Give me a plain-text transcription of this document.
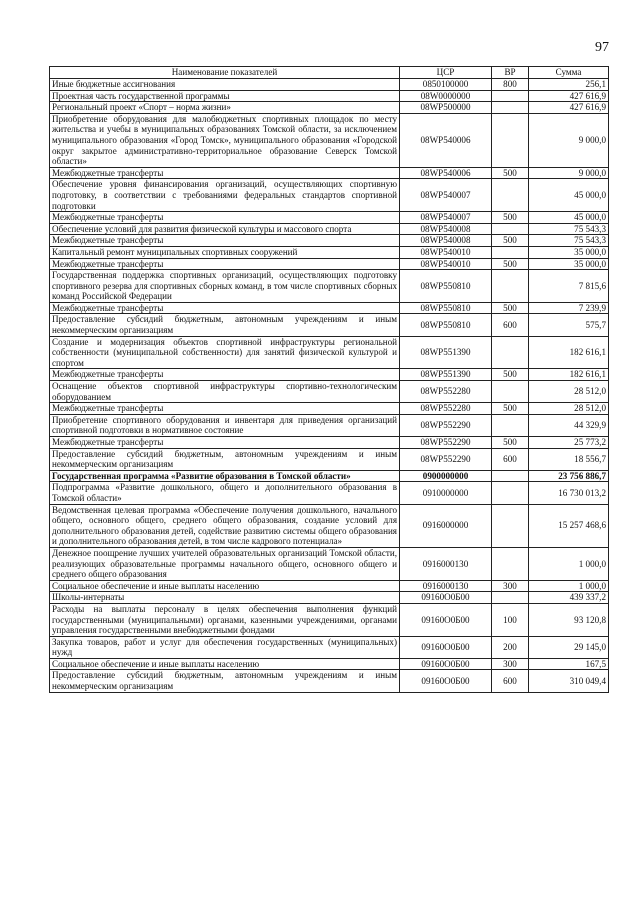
97
Наименование показателей	ЦСР	ВР	Сумма
Иные бюджетные ассигнования	0850100000	800	256,1
Проектная часть государственной программы	08W0000000		427 616,9
Региональный проект «Спорт – норма жизни»	08WP500000		427 616,9
Приобретение оборудования для малобюджетных спортивных площадок по месту жительства и учебы в муниципальных образованиях Томской области, за исключением муниципального образования «Город Томск», муниципального образования «Городской округ закрытое административно-территориальное образование Северск Томской области»	08WP540006		9 000,0
Межбюджетные трансферты	08WP540006	500	9 000,0
Обеспечение уровня финансирования организаций, осуществляющих спортивную подготовку, в соответствии с требованиями федеральных стандартов спортивной подготовки	08WP540007		45 000,0
Межбюджетные трансферты	08WP540007	500	45 000,0
Обеспечение условий для развития физической культуры и массового спорта	08WP540008		75 543,3
Межбюджетные трансферты	08WP540008	500	75 543,3
Капитальный ремонт муниципальных спортивных сооружений	08WP540010		35 000,0
Межбюджетные трансферты	08WP540010	500	35 000,0
Государственная поддержка спортивных организаций, осуществляющих подготовку спортивного резерва для спортивных сборных команд, в том числе спортивных сборных команд Российской Федерации	08WP550810		7 815,6
Межбюджетные трансферты	08WP550810	500	7 239,9
Предоставление субсидий бюджетным, автономным учреждениям и иным некоммерческим организациям	08WP550810	600	575,7
Создание и модернизация объектов спортивной инфраструктуры региональной собственности (муниципальной собственности) для занятий физической культурой и спортом	08WP551390		182 616,1
Межбюджетные трансферты	08WP551390	500	182 616,1
Оснащение объектов спортивной инфраструктуры спортивно-технологическим оборудованием	08WP552280		28 512,0
Межбюджетные трансферты	08WP552280	500	28 512,0
Приобретение спортивного оборудования и инвентаря для приведения организаций спортивной подготовки в нормативное состояние	08WP552290		44 329,9
Межбюджетные трансферты	08WP552290	500	25 773,2
Предоставление субсидий бюджетным, автономным учреждениям и иным некоммерческим организациям	08WP552290	600	18 556,7
Государственная программа «Развитие образования в Томской области»	0900000000		23 756 886,7
Подпрограмма «Развитие дошкольного, общего и дополнительного образования в Томской области»	0910000000		16 730 013,2
Ведомственная целевая программа «Обеспечение получения дошкольного, начального общего, основного общего, среднего общего образования, создание условий для дополнительного образования детей, содействие развитию системы общего образования и дополнительного образования детей, в том числе кадрового потенциала»	0916000000		15 257 468,6
Денежное поощрение лучших учителей образовательных организаций Томской области, реализующих образовательные программы начального общего, основного общего и среднего общего образования	0916000130		1 000,0
Социальное обеспечение и иные выплаты населению	0916000130	300	1 000,0
Школы-интернаты	09160О0Б00		439 337,2
Расходы на выплаты персоналу в целях обеспечения выполнения функций государственными (муниципальными) органами, казенными учреждениями, органами управления государственными внебюджетными фондами	09160О0Б00	100	93 120,8
Закупка товаров, работ и услуг для обеспечения государственных (муниципальных) нужд	09160О0Б00	200	29 145,0
Социальное обеспечение и иные выплаты населению	09160О0Б00	300	167,5
Предоставление субсидий бюджетным, автономным учреждениям и иным некоммерческим организациям	09160О0Б00	600	310 049,4
